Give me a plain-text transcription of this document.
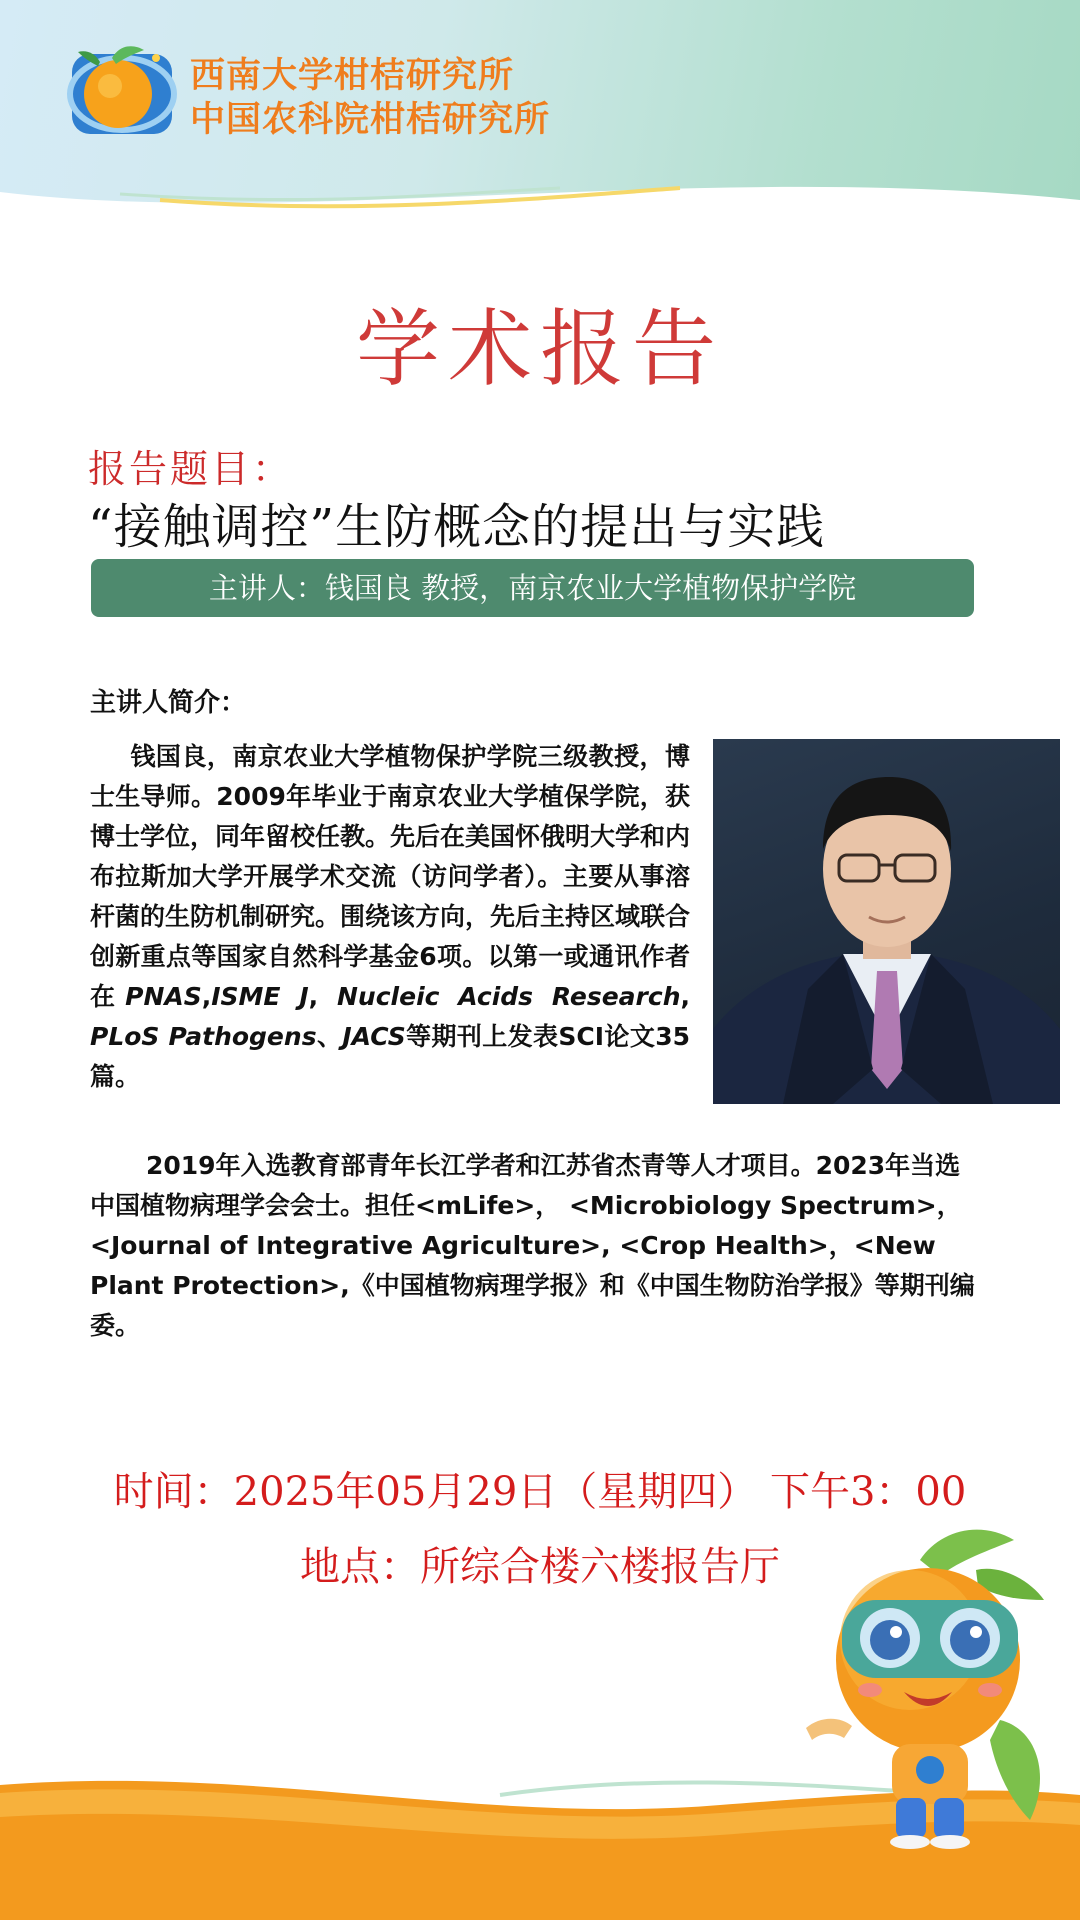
西南大学柑桔研究所
中国农科院柑桔研究所
学术报告
报告题目：
“接触调控”生防概念的提出与实践
主讲人：钱国良 教授，南京农业大学植物保护学院
主讲人简介：
钱国良，南京农业大学植物保护学院三级教授，博士生导师。2009年毕业于南京农业大学植保学院，获博士学位，同年留校任教。先后在美国怀俄明大学和内布拉斯加大学开展学术交流（访问学者）。主要从事溶杆菌的生防机制研究。围绕该方向，先后主持区域联合创新重点等国家自然科学基金6项。以第一或通讯作者在PNAS,ISME J, Nucleic Acids Research, PLoS Pathogens、JACS等期刊上发表SCI论文35篇。
2019年入选教育部青年长江学者和江苏省杰青等人才项目。2023年当选中国植物病理学会会士。担任<mLife>， <Microbiology Spectrum>，<Journal of Integrative Agriculture>, <Crop Health>，<New Plant Protection>,《中国植物病理学报》和《中国生物防治学报》等期刊编委。
时间：2025年05月29日（星期四） 下午3：00
地点：所综合楼六楼报告厅
